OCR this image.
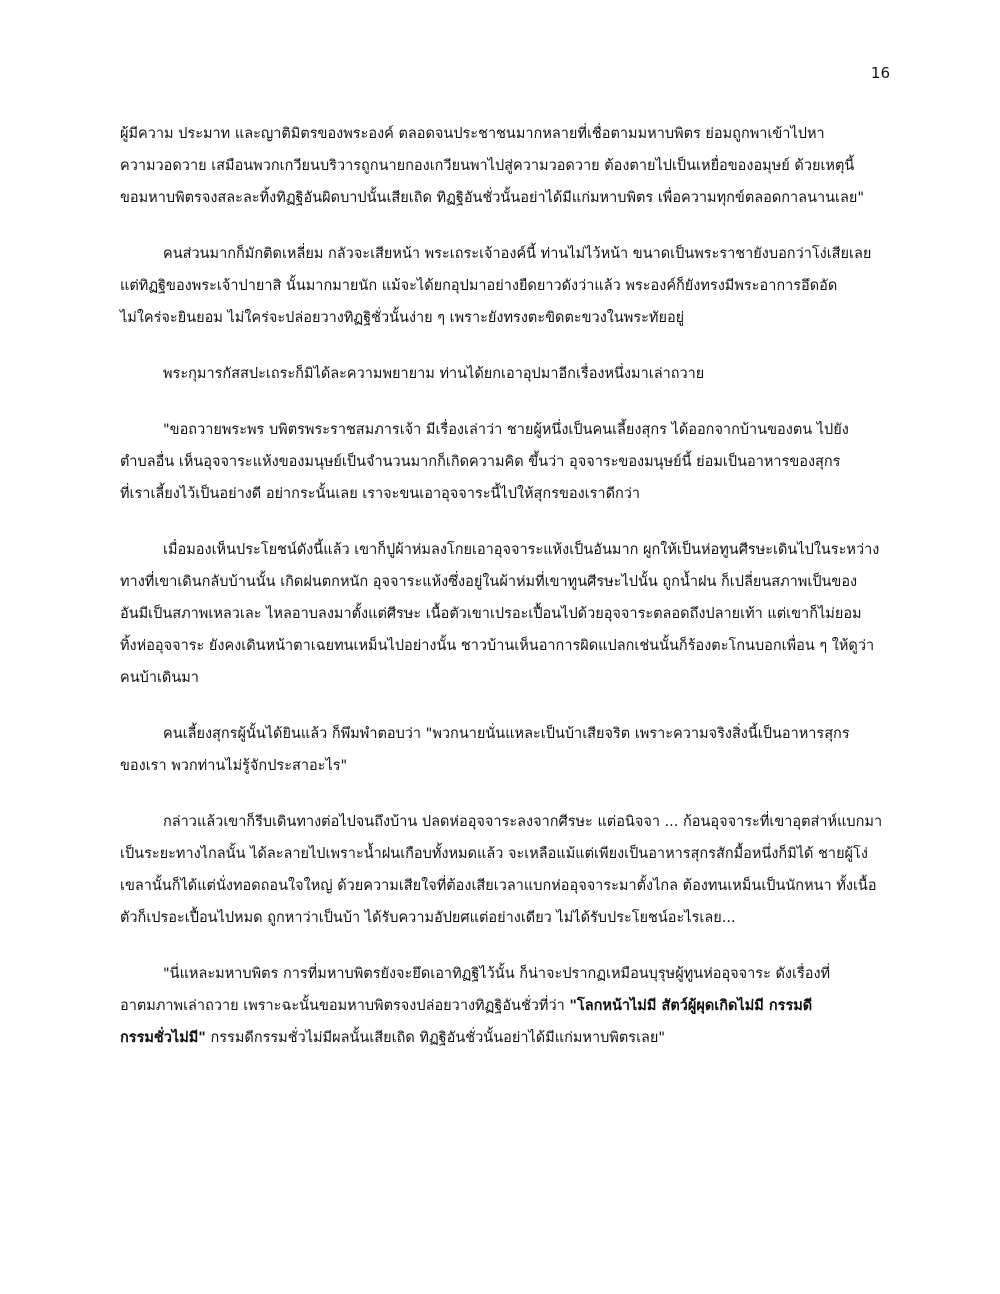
16

ผู้มีความ ประมาท และญาติมิตรของพระองค์ ตลอดจนประชาชนมากหลายที่เชื่อตามมหาบพิตร ย่อมถูกพาเข้าไปหา
ความวอดวาย เสมือนพวกเกวียนบริวารถูกนายกองเกวียนพาไปสู่ความวอดวาย ต้องตายไปเป็นเหยื่อของอมุษย์ ด้วยเหตุนี้
ขอมหาบพิตรจงสละละทิ้งทิฏฐิอันผิดบาปนั้นเสียเถิด ทิฏฐิอันชั่วนั้นอย่าได้มีแก่มหาบพิตร เพื่อความทุกข์ตลอดกาลนานเลย"

คนส่วนมากก็มักติดเหลี่ยม กลัวจะเสียหน้า พระเถระเจ้าองค์นี้ ท่านไม่ไว้หน้า ขนาดเป็นพระราชายังบอกว่าโง่เสียเลย
แต่ทิฏฐิของพระเจ้าปายาสิ นั้นมากมายนัก แม้จะได้ยกอุปมาอย่างยืดยาวดังว่าแล้ว พระองค์ก็ยังทรงมีพระอาการอึดอัด
ไม่ใคร่จะยินยอม ไม่ใคร่จะปล่อยวางทิฏฐิชั่วนั้นง่าย ๆ เพราะยังทรงตะขิดตะขวงในพระทัยอยู่

พระกุมารกัสสปะเถระก็มิได้ละความพยายาม ท่านได้ยกเอาอุปมาอีกเรื่องหนึ่งมาเล่าถวาย

"ขอถวายพระพร บพิตรพระราชสมภารเจ้า มีเรื่องเล่าว่า ชายผู้หนึ่งเป็นคนเลี้ยงสุกร ได้ออกจากบ้านของตน ไปยัง
ตำบลอื่น เห็นอุจจาระแห้งของมนุษย์เป็นจำนวนมากก็เกิดความคิด ขึ้นว่า อุจจาระของมนุษย์นี้ ย่อมเป็นอาหารของสุกร
ที่เราเลี้ยงไว้เป็นอย่างดี อย่ากระนั้นเลย เราจะขนเอาอุจจาระนี้ไปให้สุกรของเราดีกว่า

เมื่อมองเห็นประโยชน์ดังนี้แล้ว เขาก็ปูผ้าห่มลงโกยเอาอุจจาระแห้งเป็นอันมาก ผูกให้เป็นห่อทูนศีรษะเดินไปในระหว่าง
ทางที่เขาเดินกลับบ้านนั้น เกิดฝนตกหนัก อุจจาระแห้งซึ่งอยู่ในผ้าห่มที่เขาทูนศีรษะไปนั้น ถูกน้ำฝน ก็เปลี่ยนสภาพเป็นของ
อันมีเป็นสภาพเหลวเละ ไหลอาบลงมาตั้งแต่ศีรษะ เนื้อตัวเขาเปรอะเปื้อนไปด้วยอุจจาระตลอดถึงปลายเท้า แต่เขาก็ไม่ยอม
ทิ้งห่ออุจจาระ ยังคงเดินหน้าตาเฉยทนเหม็นไปอย่างนั้น ชาวบ้านเห็นอาการผิดแปลกเช่นนั้นก็ร้องตะโกนบอกเพื่อน ๆ ให้ดูว่า
คนบ้าเดินมา

คนเลี้ยงสุกรผู้นั้นได้ยินแล้ว ก็พึมพำตอบว่า "พวกนายนั่นแหละเป็นบ้าเสียจริต เพราะความจริงสิ่งนี้เป็นอาหารสุกร
ของเรา พวกท่านไม่รู้จักประสาอะไร"

กล่าวแล้วเขาก็รีบเดินทางต่อไปจนถึงบ้าน ปลดห่ออุจจาระลงจากศีรษะ แต่อนิจจา ... ก้อนอุจจาระที่เขาอุตส่าห์แบกมา
เป็นระยะทางไกลนั้น ได้ละลายไปเพราะน้ำฝนเกือบทั้งหมดแล้ว จะเหลือแม้แต่เพียงเป็นอาหารสุกรสักมื้อหนึ่งก็มิได้ ชายผู้โง่
เขลานั้นก็ได้แต่นั่งทอดถอนใจใหญ่ ด้วยความเสียใจที่ต้องเสียเวลาแบกห่ออุจจาระมาตั้งไกล ต้องทนเหม็นเป็นนักหนา ทั้งเนื้อ
ตัวก็เปรอะเปื้อนไปหมด ถูกหาว่าเป็นบ้า ได้รับความอัปยศแต่อย่างเดียว ไม่ได้รับประโยชน์อะไรเลย...

"นี่แหละมหาบพิตร การที่มหาบพิตรยังจะยึดเอาทิฏฐิไว้นั้น ก็น่าจะปรากฏเหมือนบุรุษผู้ทูนห่ออุจจาระ ดังเรื่องที่
อาตมภาพเล่าถวาย เพราะฉะนั้นขอมหาบพิตรจงปล่อยวางทิฏฐิอันชั่วที่ว่า "โลกหน้าไม่มี สัตว์ผู้ผุดเกิดไม่มี กรรมดี
กรรมชั่วไม่มี" กรรมดีกรรมชั่วไม่มีผลนั้นเสียเถิด ทิฏฐิอันชั่วนั้นอย่าได้มีแก่มหาบพิตรเลย"
